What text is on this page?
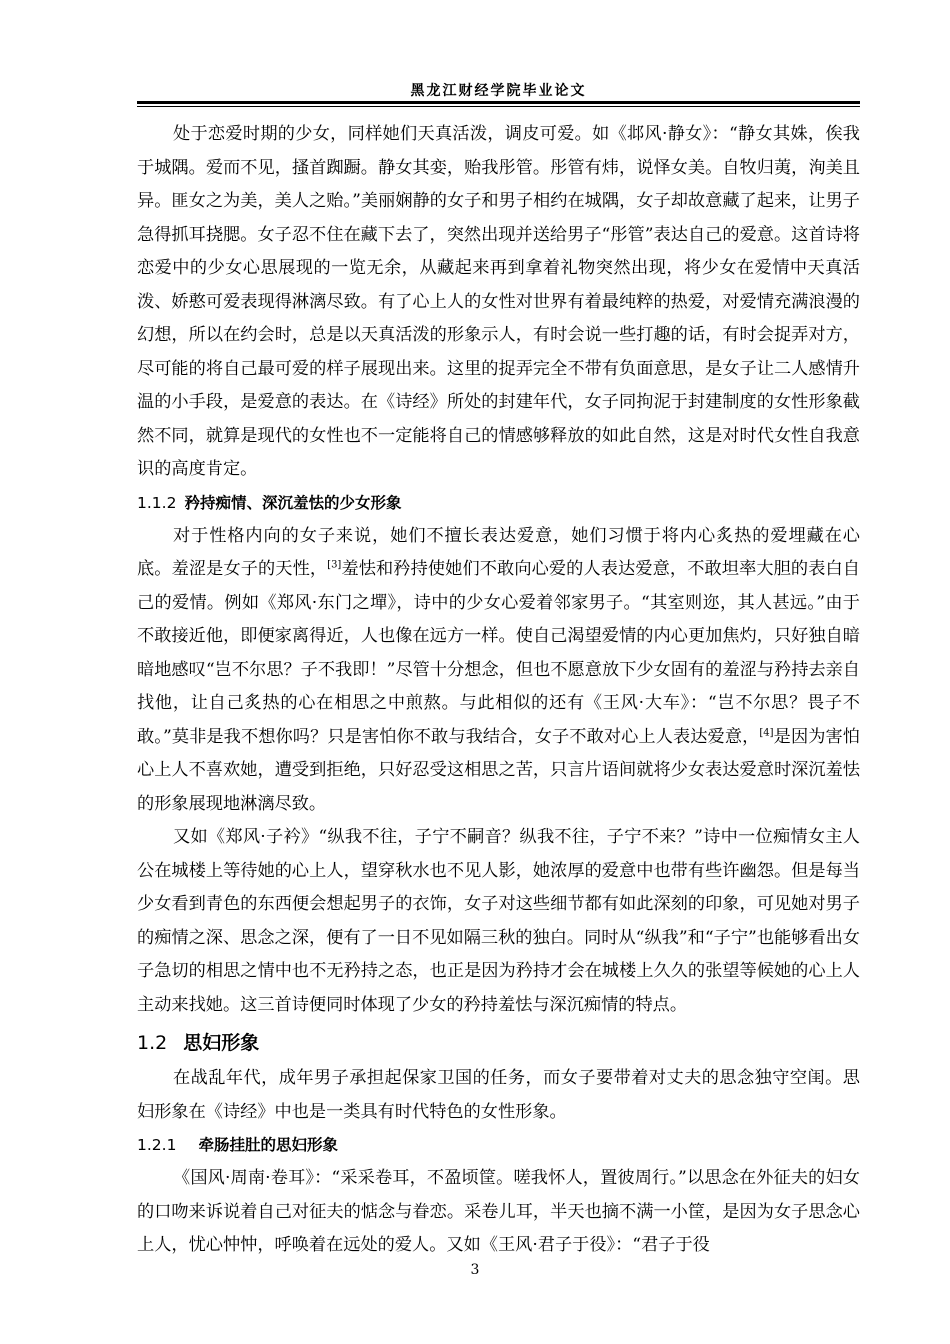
黑龙江财经学院毕业论文

处于恋爱时期的少女，同样她们天真活泼，调皮可爱。如《邶风·静女》：“静女其姝，俟我于城隅。爱而不见，搔首踟蹰。静女其娈，贻我彤管。彤管有炜，说怿女美。自牧归荑，洵美且异。匪女之为美，美人之贻。”美丽娴静的女子和男子相约在城隅，女子却故意藏了起来，让男子急得抓耳挠腮。女子忍不住在藏下去了，突然出现并送给男子“彤管”表达自己的爱意。这首诗将恋爱中的少女心思展现的一览无余，从藏起来再到拿着礼物突然出现，将少女在爱情中天真活泼、娇憨可爱表现得淋漓尽致。有了心上人的女性对世界有着最纯粹的热爱，对爱情充满浪漫的幻想，所以在约会时，总是以天真活泼的形象示人，有时会说一些打趣的话，有时会捉弄对方，尽可能的将自己最可爱的样子展现出来。这里的捉弄完全不带有负面意思，是女子让二人感情升温的小手段，是爱意的表达。在《诗经》所处的封建年代，女子同拘泥于封建制度的女性形象截然不同，就算是现代的女性也不一定能将自己的情感够释放的如此自然，这是对时代女性自我意识的高度肯定。

1.1.2 矜持痴情、深沉羞怯的少女形象

对于性格内向的女子来说，她们不擅长表达爱意，她们习惯于将内心炙热的爱埋藏在心底。羞涩是女子的天性，[3]羞怯和矜持使她们不敢向心爱的人表达爱意，不敢坦率大胆的表白自己的爱情。例如《郑风·东门之墠》，诗中的少女心爱着邻家男子。“其室则迩，其人甚远。”由于不敢接近他，即便家离得近，人也像在远方一样。使自己渴望爱情的内心更加焦灼，只好独自暗暗地感叹“岂不尔思？子不我即！”尽管十分想念，但也不愿意放下少女固有的羞涩与矜持去亲自找他，让自己炙热的心在相思之中煎熬。与此相似的还有《王风·大车》：“岂不尔思？畏子不敢。”莫非是我不想你吗？只是害怕你不敢与我结合，女子不敢对心上人表达爱意，[4]是因为害怕心上人不喜欢她，遭受到拒绝，只好忍受这相思之苦，只言片语间就将少女表达爱意时深沉羞怯的形象展现地淋漓尽致。

又如《郑风·子衿》“纵我不往，子宁不嗣音？纵我不往，子宁不来？”诗中一位痴情女主人公在城楼上等待她的心上人，望穿秋水也不见人影，她浓厚的爱意中也带有些许幽怨。但是每当少女看到青色的东西便会想起男子的衣饰，女子对这些细节都有如此深刻的印象，可见她对男子的痴情之深、思念之深，便有了一日不见如隔三秋的独白。同时从“纵我”和“子宁”也能够看出女子急切的相思之情中也不无矜持之态，也正是因为矜持才会在城楼上久久的张望等候她的心上人主动来找她。这三首诗便同时体现了少女的矜持羞怯与深沉痴情的特点。

1.2 思妇形象

在战乱年代，成年男子承担起保家卫国的任务，而女子要带着对丈夫的思念独守空闺。思妇形象在《诗经》中也是一类具有时代特色的女性形象。

1.2.1 牵肠挂肚的思妇形象

《国风·周南·卷耳》：“采采卷耳，不盈顷筐。嗟我怀人，置彼周行。”以思念在外征夫的妇女的口吻来诉说着自己对征夫的惦念与眷恋。采卷儿耳，半天也摘不满一小筐，是因为女子思念心上人，忧心忡忡，呼唤着在远处的爱人。又如《王风·君子于役》：“君子于役

3
